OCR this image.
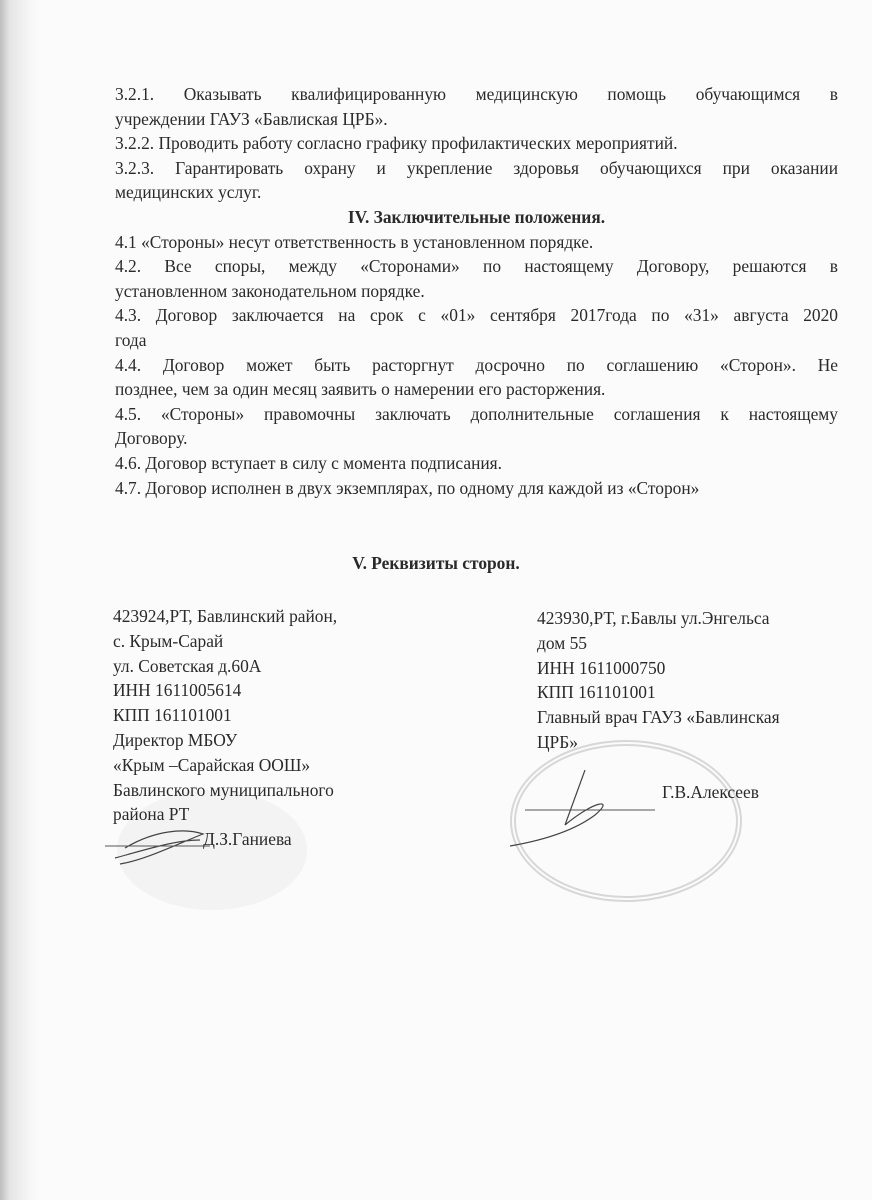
3.2.1. Оказывать квалифицированную медицинскую помощь обучающимся в
учреждении ГАУЗ «Бавлиская ЦРБ».
3.2.2. Проводить работу согласно графику профилактических мероприятий.
3.2.3. Гарантировать охрану и укрепление здоровья обучающихся при оказании
медицинских услуг.
IV. Заключительные положения.
4.1 «Стороны» несут ответственность в установленном порядке.
4.2. Все споры, между «Сторонами» по настоящему Договору, решаются в
установленном законодательном порядке.
4.3. Договор заключается на срок с «01» сентября 2017года по «31» августа 2020
года
4.4. Договор может быть расторгнут досрочно по соглашению «Сторон». Не
позднее, чем за один месяц заявить о намерении его расторжения.
4.5. «Стороны» правомочны заключать дополнительные соглашения к настоящему
Договору.
4.6. Договор вступает в силу с момента подписания.
4.7. Договор исполнен в двух экземплярах, по одному для каждой из «Сторон»
V. Реквизиты сторон.
423924,РТ, Бавлинский район,
с. Крым-Сарай
ул. Советская д.60А
ИНН 1611005614
КПП 161101001
Директор МБОУ
«Крым –Сарайская ООШ»
Бавлинского муниципального
района РТ
Д.З.Ганиева
423930,РТ, г.Бавлы ул.Энгельса
дом 55
ИНН 1611000750
КПП 161101001
Главный врач ГАУЗ «Бавлинская
ЦРБ»
Г.В.Алексеев
